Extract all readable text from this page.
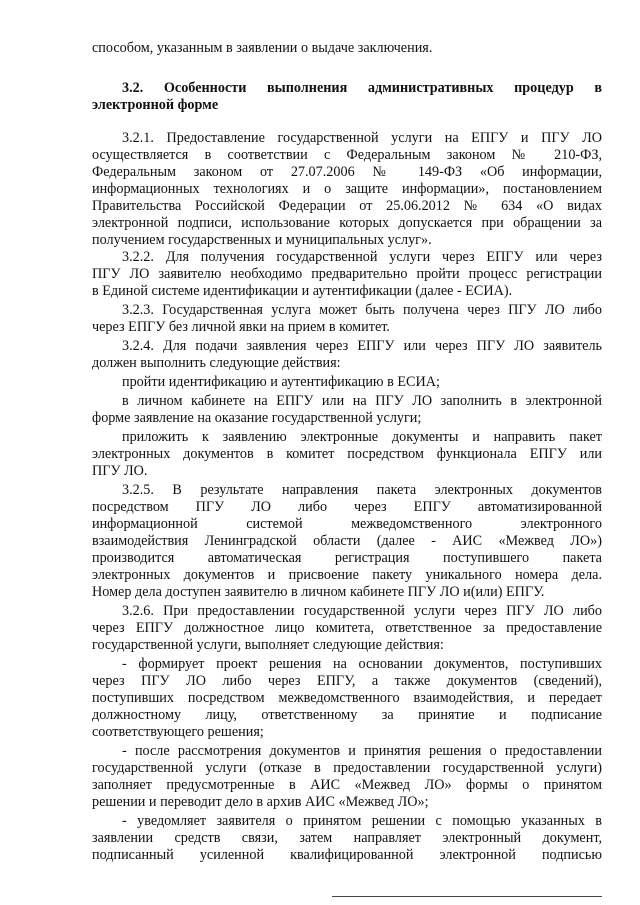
способом, указанным в заявлении о выдаче заключения.
3.2. Особенности выполнения административных процедур в
электронной форме
3.2.1. Предоставление государственной услуги на ЕПГУ и ПГУ ЛО
осуществляется в соответствии с Федеральным законом № 210-ФЗ,
Федеральным законом от 27.07.2006 № 149-ФЗ «Об информации,
информационных технологиях и о защите информации», постановлением
Правительства Российской Федерации от 25.06.2012 № 634 «О видах
электронной подписи, использование которых допускается при обращении за
получением государственных и муниципальных услуг».
3.2.2. Для получения государственной услуги через ЕПГУ или через
ПГУ ЛО заявителю необходимо предварительно пройти процесс регистрации
в Единой системе идентификации и аутентификации (далее - ЕСИА).
3.2.3. Государственная услуга может быть получена через ПГУ ЛО либо
через ЕПГУ без личной явки на прием в комитет.
3.2.4. Для подачи заявления через ЕПГУ или через ПГУ ЛО заявитель
должен выполнить следующие действия:
пройти идентификацию и аутентификацию в ЕСИА;
в личном кабинете на ЕПГУ или на ПГУ ЛО заполнить в электронной
форме заявление на оказание государственной услуги;
приложить к заявлению электронные документы и направить пакет
электронных документов в комитет посредством функционала ЕПГУ или
ПГУ ЛО.
3.2.5. В результате направления пакета электронных документов
посредством ПГУ ЛО либо через ЕПГУ автоматизированной
информационной системой межведомственного электронного
взаимодействия Ленинградской области (далее - АИС «Межвед ЛО»)
производится автоматическая регистрация поступившего пакета
электронных документов и присвоение пакету уникального номера дела.
Номер дела доступен заявителю в личном кабинете ПГУ ЛО и(или) ЕПГУ.
3.2.6. При предоставлении государственной услуги через ПГУ ЛО либо
через ЕПГУ должностное лицо комитета, ответственное за предоставление
государственной услуги, выполняет следующие действия:
- формирует проект решения на основании документов, поступивших
через ПГУ ЛО либо через ЕПГУ, а также документов (сведений),
поступивших посредством межведомственного взаимодействия, и передает
должностному лицу, ответственному за принятие и подписание
соответствующего решения;
- после рассмотрения документов и принятия решения о предоставлении
государственной услуги (отказе в предоставлении государственной услуги)
заполняет предусмотренные в АИС «Межвед ЛО» формы о принятом
решении и переводит дело в архив АИС «Межвед ЛО»;
- уведомляет заявителя о принятом решении с помощью указанных в
заявлении средств связи, затем направляет электронный документ,
подписанный усиленной квалифицированной электронной подписью
